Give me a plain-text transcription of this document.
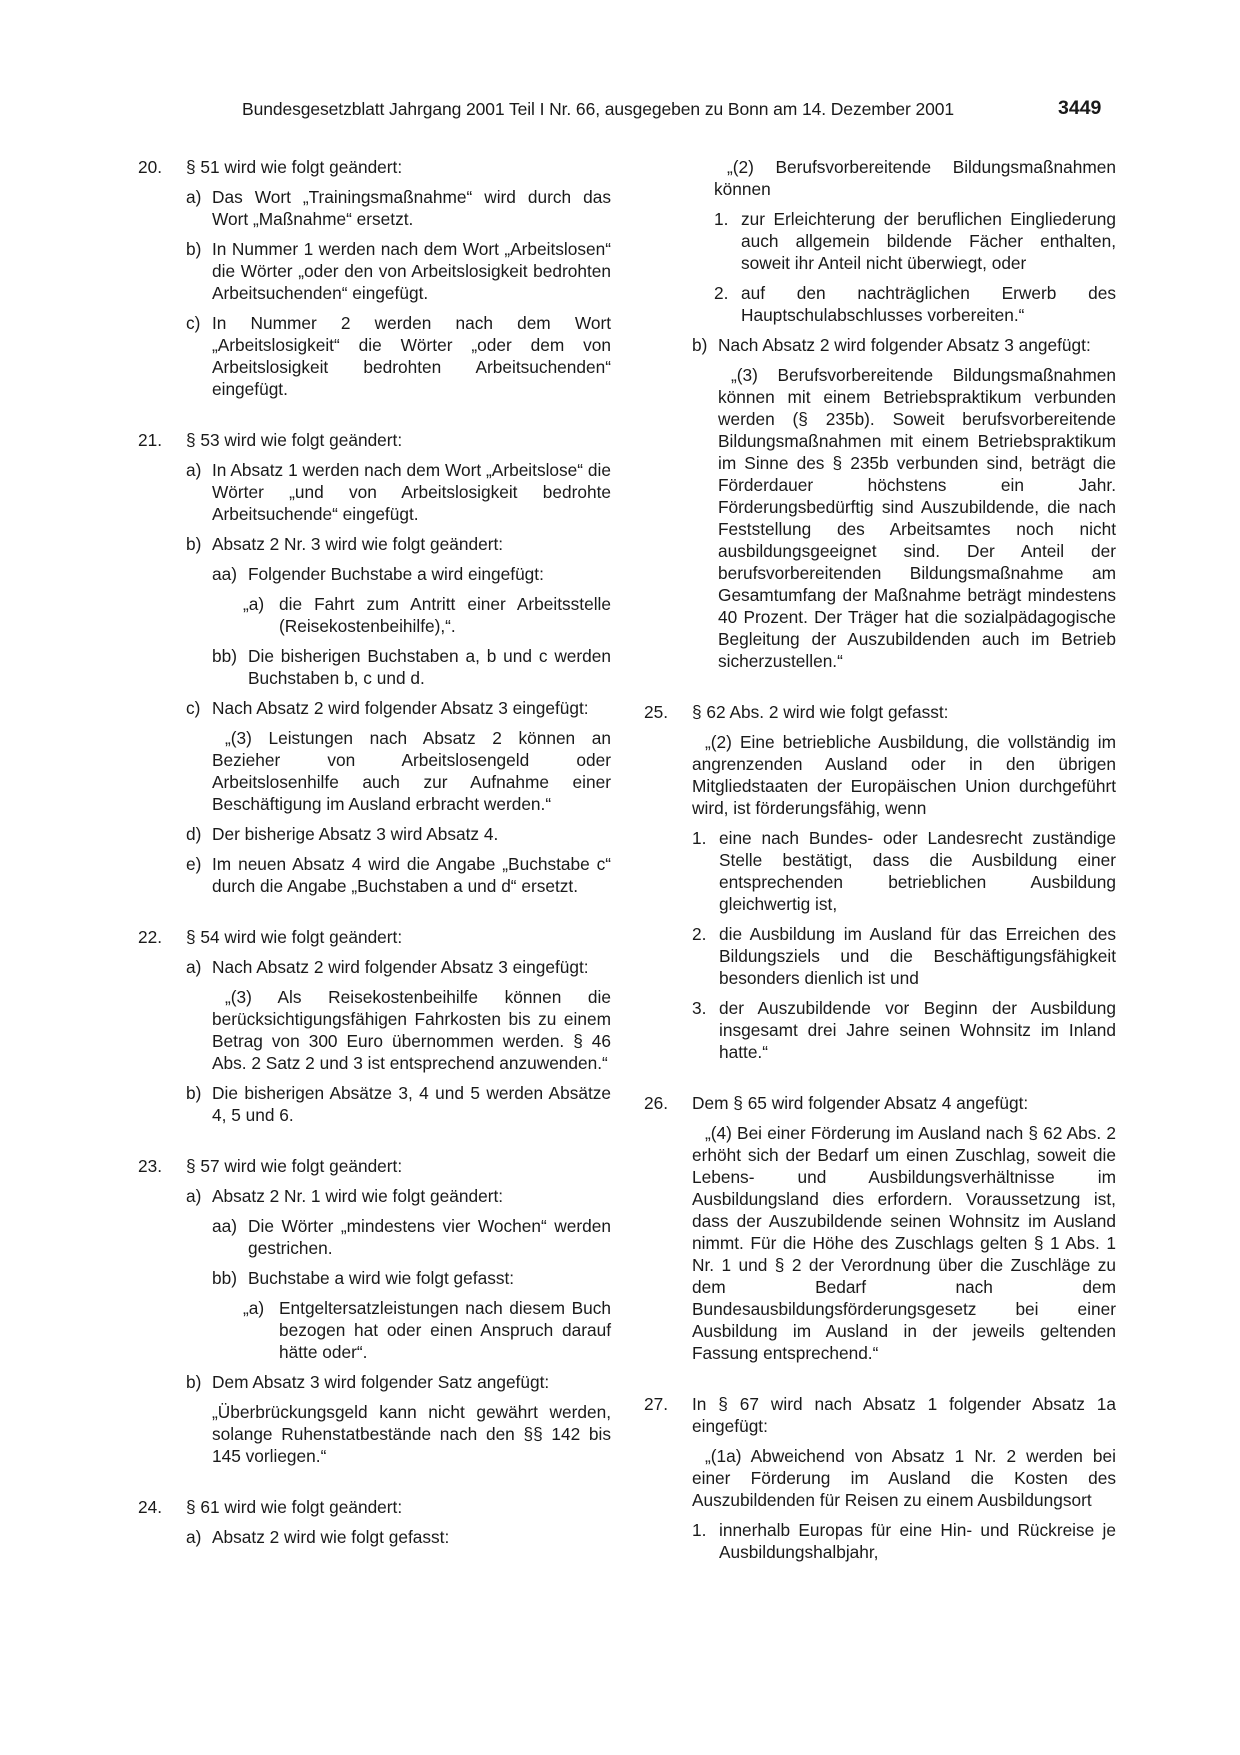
Bundesgesetzblatt Jahrgang 2001 Teil I Nr. 66, ausgegeben zu Bonn am 14. Dezember 2001	3449
20. § 51 wird wie folgt geändert:
a) Das Wort „Trainingsmaßnahme“ wird durch das Wort „Maßnahme“ ersetzt.
b) In Nummer 1 werden nach dem Wort „Arbeitslosen“ die Wörter „oder den von Arbeitslosigkeit bedrohten Arbeitsuchenden“ eingefügt.
c) In Nummer 2 werden nach dem Wort „Arbeitslosigkeit“ die Wörter „oder dem von Arbeitslosigkeit bedrohten Arbeitsuchenden“ eingefügt.
21. § 53 wird wie folgt geändert:
a) In Absatz 1 werden nach dem Wort „Arbeitslose“ die Wörter „und von Arbeitslosigkeit bedrohte Arbeitsuchende“ eingefügt.
b) Absatz 2 Nr. 3 wird wie folgt geändert:
aa) Folgender Buchstabe a wird eingefügt:
„a) die Fahrt zum Antritt einer Arbeitsstelle (Reisekostenbeihilfe),“.
bb) Die bisherigen Buchstaben a, b und c werden Buchstaben b, c und d.
c) Nach Absatz 2 wird folgender Absatz 3 eingefügt:
„(3) Leistungen nach Absatz 2 können an Bezieher von Arbeitslosengeld oder Arbeitslosenhilfe auch zur Aufnahme einer Beschäftigung im Ausland erbracht werden.“
d) Der bisherige Absatz 3 wird Absatz 4.
e) Im neuen Absatz 4 wird die Angabe „Buchstabe c“ durch die Angabe „Buchstaben a und d“ ersetzt.
22. § 54 wird wie folgt geändert:
a) Nach Absatz 2 wird folgender Absatz 3 eingefügt:
„(3) Als Reisekostenbeihilfe können die berücksichtigungsfähigen Fahrkosten bis zu einem Betrag von 300 Euro übernommen werden. § 46 Abs. 2 Satz 2 und 3 ist entsprechend anzuwenden.“
b) Die bisherigen Absätze 3, 4 und 5 werden Absätze 4, 5 und 6.
23. § 57 wird wie folgt geändert:
a) Absatz 2 Nr. 1 wird wie folgt geändert:
aa) Die Wörter „mindestens vier Wochen“ werden gestrichen.
bb) Buchstabe a wird wie folgt gefasst:
„a) Entgeltersatzleistungen nach diesem Buch bezogen hat oder einen Anspruch darauf hätte oder“.
b) Dem Absatz 3 wird folgender Satz angefügt:
„Überbrückungsgeld kann nicht gewährt werden, solange Ruhenstatbestände nach den §§ 142 bis 145 vorliegen.“
24. § 61 wird wie folgt geändert:
a) Absatz 2 wird wie folgt gefasst:
„(2) Berufsvorbereitende Bildungsmaßnahmen können
1. zur Erleichterung der beruflichen Eingliederung auch allgemein bildende Fächer enthalten, soweit ihr Anteil nicht überwiegt, oder
2. auf den nachträglichen Erwerb des Hauptschulabschlusses vorbereiten.“
b) Nach Absatz 2 wird folgender Absatz 3 angefügt:
„(3) Berufsvorbereitende Bildungsmaßnahmen können mit einem Betriebspraktikum verbunden werden (§ 235b). Soweit berufsvorbereitende Bildungsmaßnahmen mit einem Betriebspraktikum im Sinne des § 235b verbunden sind, beträgt die Förderdauer höchstens ein Jahr. Förderungsbedürftig sind Auszubildende, die nach Feststellung des Arbeitsamtes noch nicht ausbildungsgeeignet sind. Der Anteil der berufsvorbereitenden Bildungsmaßnahme am Gesamtumfang der Maßnahme beträgt mindestens 40 Prozent. Der Träger hat die sozialpädagogische Begleitung der Auszubildenden auch im Betrieb sicherzustellen.“
25. § 62 Abs. 2 wird wie folgt gefasst:
„(2) Eine betriebliche Ausbildung, die vollständig im angrenzenden Ausland oder in den übrigen Mitgliedstaaten der Europäischen Union durchgeführt wird, ist förderungsfähig, wenn
1. eine nach Bundes- oder Landesrecht zuständige Stelle bestätigt, dass die Ausbildung einer entsprechenden betrieblichen Ausbildung gleichwertig ist,
2. die Ausbildung im Ausland für das Erreichen des Bildungsziels und die Beschäftigungsfähigkeit besonders dienlich ist und
3. der Auszubildende vor Beginn der Ausbildung insgesamt drei Jahre seinen Wohnsitz im Inland hatte.“
26. Dem § 65 wird folgender Absatz 4 angefügt:
„(4) Bei einer Förderung im Ausland nach § 62 Abs. 2 erhöht sich der Bedarf um einen Zuschlag, soweit die Lebens- und Ausbildungsverhältnisse im Ausbildungsland dies erfordern. Voraussetzung ist, dass der Auszubildende seinen Wohnsitz im Ausland nimmt. Für die Höhe des Zuschlags gelten § 1 Abs. 1 Nr. 1 und § 2 der Verordnung über die Zuschläge zu dem Bedarf nach dem Bundesausbildungsförderungsgesetz bei einer Ausbildung im Ausland in der jeweils geltenden Fassung entsprechend.“
27. In § 67 wird nach Absatz 1 folgender Absatz 1a eingefügt:
„(1a) Abweichend von Absatz 1 Nr. 2 werden bei einer Förderung im Ausland die Kosten des Auszubildenden für Reisen zu einem Ausbildungsort
1. innerhalb Europas für eine Hin- und Rückreise je Ausbildungshalbjahr,
